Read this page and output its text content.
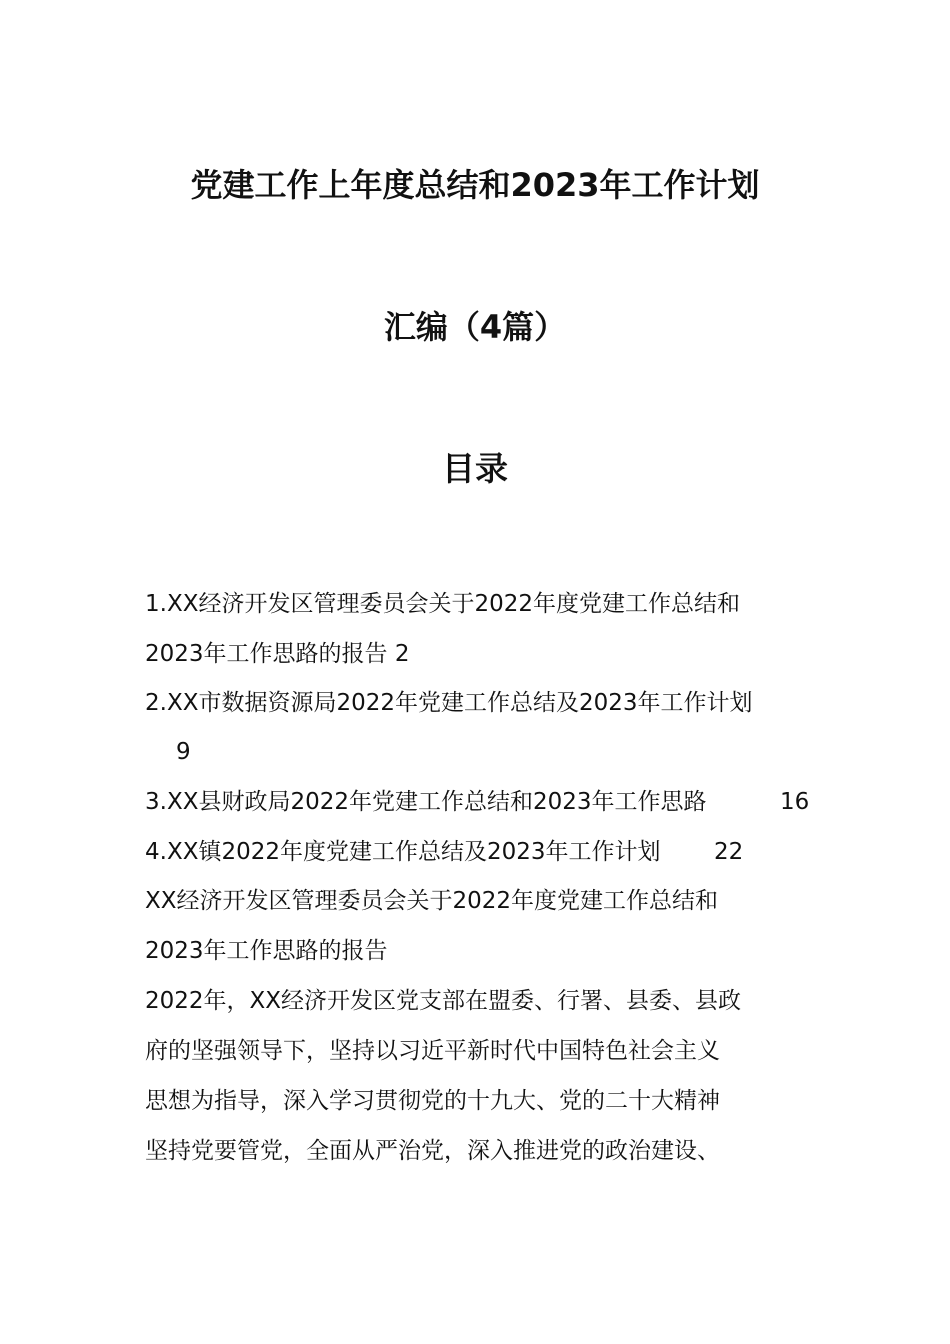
党建工作上年度总结和2023年工作计划
汇编（4篇）
目录
1.XX经济开发区管理委员会关于2022年度党建工作总结和
2023年工作思路的报告 2
2.XX市数据资源局2022年党建工作总结及2023年工作计划
9
3.XX县财政局2022年党建工作总结和2023年工作思路	16
4.XX镇2022年度党建工作总结及2023年工作计划 22
XX经济开发区管理委员会关于2022年度党建工作总结和
2023年工作思路的报告
2022年，XX经济开发区党支部在盟委、行署、县委、县政
府的坚强领导下，坚持以习近平新时代中国特色社会主义
思想为指导，深入学习贯彻党的十九大、党的二十大精神
坚持党要管党，全面从严治党，深入推进党的政治建设、
